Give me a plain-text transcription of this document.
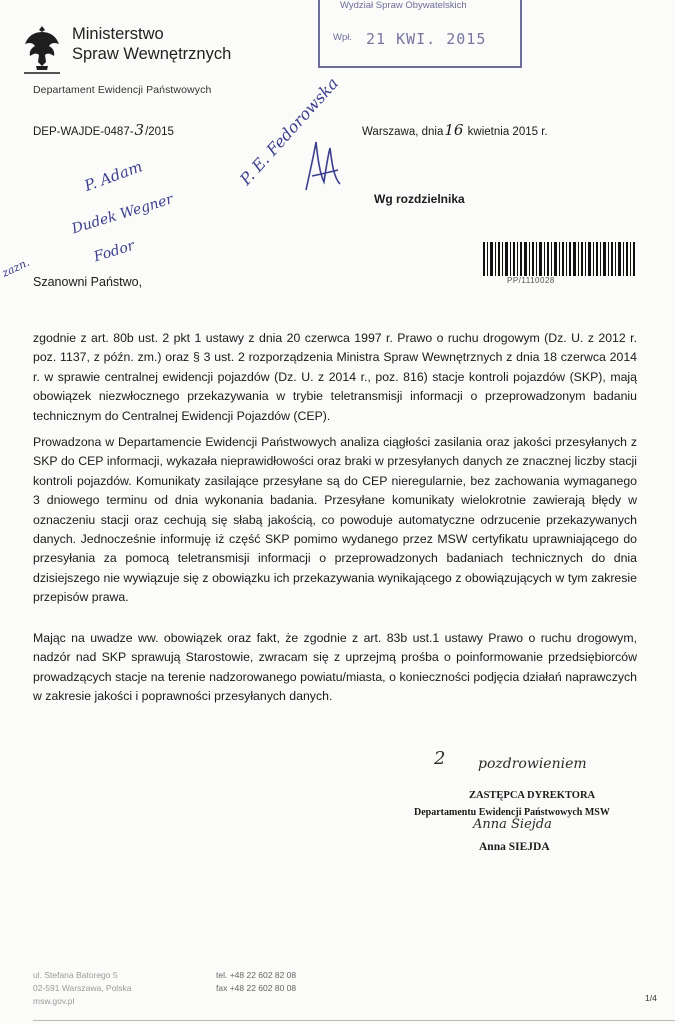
Ministerstwo
Spraw Wewnętrznych
Departament Ewidencji Państwowych
Wydział Spraw Obywatelskich
Wpł. 21 KWI. 2015
DEP-WAJDE-0487-3/2015	Warszawa, dnia16 kwietnia 2015 r.
P. Adam
Dudek Wegner
Fodor
zazn.
P. E. Fedorowska
Wg rozdzielnika
PP/1110028
Szanowni Państwo,
zgodnie z art. 80b ust. 2 pkt 1 ustawy z dnia 20 czerwca 1997 r. Prawo o ruchu drogowym (Dz. U. z 2012 r. poz. 1137, z późn. zm.) oraz § 3 ust. 2 rozporządzenia Ministra Spraw Wewnętrznych z dnia 18 czerwca 2014 r. w sprawie centralnej ewidencji pojazdów (Dz. U. z 2014 r., poz. 816) stacje kontroli pojazdów (SKP), mają obowiązek niezwłocznego przekazywania w trybie teletransmisji informacji o przeprowadzonym badaniu technicznym do Centralnej Ewidencji Pojazdów (CEP).
Prowadzona w Departamencie Ewidencji Państwowych analiza ciągłości zasilania oraz jakości przesyłanych z SKP do CEP informacji, wykazała nieprawidłowości oraz braki w przesyłanych danych ze znacznej liczby stacji kontroli pojazdów. Komunikaty zasilające przesyłane są do CEP nieregularnie, bez zachowania wymaganego 3 dniowego terminu od dnia wykonania badania. Przesyłane komunikaty wielokrotnie zawierają błędy w oznaczeniu stacji oraz cechują się słabą jakością, co powoduje automatyczne odrzucenie przekazywanych danych. Jednocześnie informuję iż część SKP pomimo wydanego przez MSW certyfikatu uprawniającego do przesyłania za pomocą teletransmisji informacji o przeprowadzonych badaniach technicznych do dnia dzisiejszego nie wywiązuje się z obowiązku ich przekazywania wynikającego z obowiązujących w tym zakresie przepisów prawa.
Mając na uwadze ww. obowiązek oraz fakt, że zgodnie z art. 83b ust.1 ustawy Prawo o ruchu drogowym, nadzór nad SKP sprawują Starostowie, zwracam się z uprzejmą prośba o poinformowanie przedsiębiorców prowadzących stacje na terenie nadzorowanego powiatu/miasta, o konieczności podjęcia działań naprawczych w zakresie jakości i poprawności przesyłanych danych.
2 pozdrowieniem
ZASTĘPCA DYREKTORA
Departamentu Ewidencji Państwowych MSW
Anna Siejda
Anna SIEJDA
ul. Stefana Batorego 5
02-591 Warszawa, Polska
msw.gov.pl
tel. +48 22 602 82 08
fax +48 22 602 80 08
1/4
